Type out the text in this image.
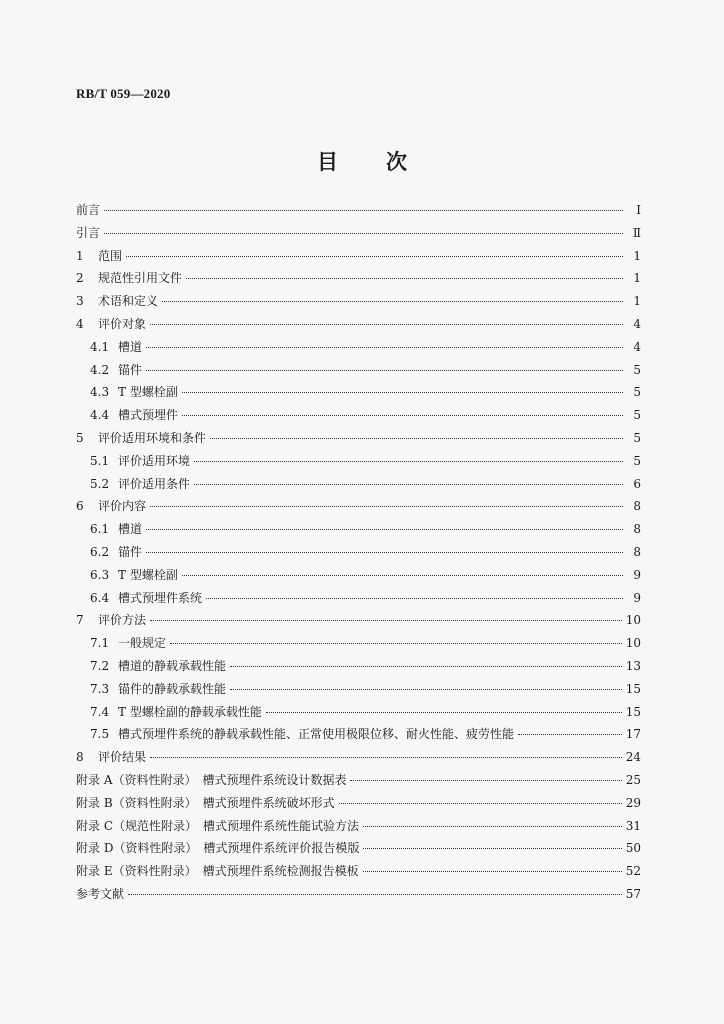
RB/T 059—2020
目 次
前言	Ⅰ
引言	Ⅱ
1	范围	1
2	规范性引用文件	1
3	术语和定义	1
4	评价对象	4
4.1 槽道	4
4.2 锚件	5
4.3 T 型螺栓副	5
4.4 槽式预埋件	5
5	评价适用环境和条件	5
5.1 评价适用环境	5
5.2 评价适用条件	6
6	评价内容	8
6.1 槽道	8
6.2 锚件	8
6.3 T 型螺栓副	9
6.4 槽式预埋件系统	9
7	评价方法	10
7.1 一般规定	10
7.2 槽道的静载承载性能	13
7.3 锚件的静载承载性能	15
7.4 T 型螺栓副的静载承载性能	15
7.5 槽式预埋件系统的静载承载性能、正常使用极限位移、耐火性能、疲劳性能	17
8	评价结果	24
附录 A（资料性附录）　槽式预埋件系统设计数据表	25
附录 B（资料性附录）　槽式预埋件系统破坏形式	29
附录 C（规范性附录）　槽式预埋件系统性能试验方法	31
附录 D（资料性附录）　槽式预埋件系统评价报告模版	50
附录 E（资料性附录）　槽式预埋件系统检测报告模板	52
参考文献	57
